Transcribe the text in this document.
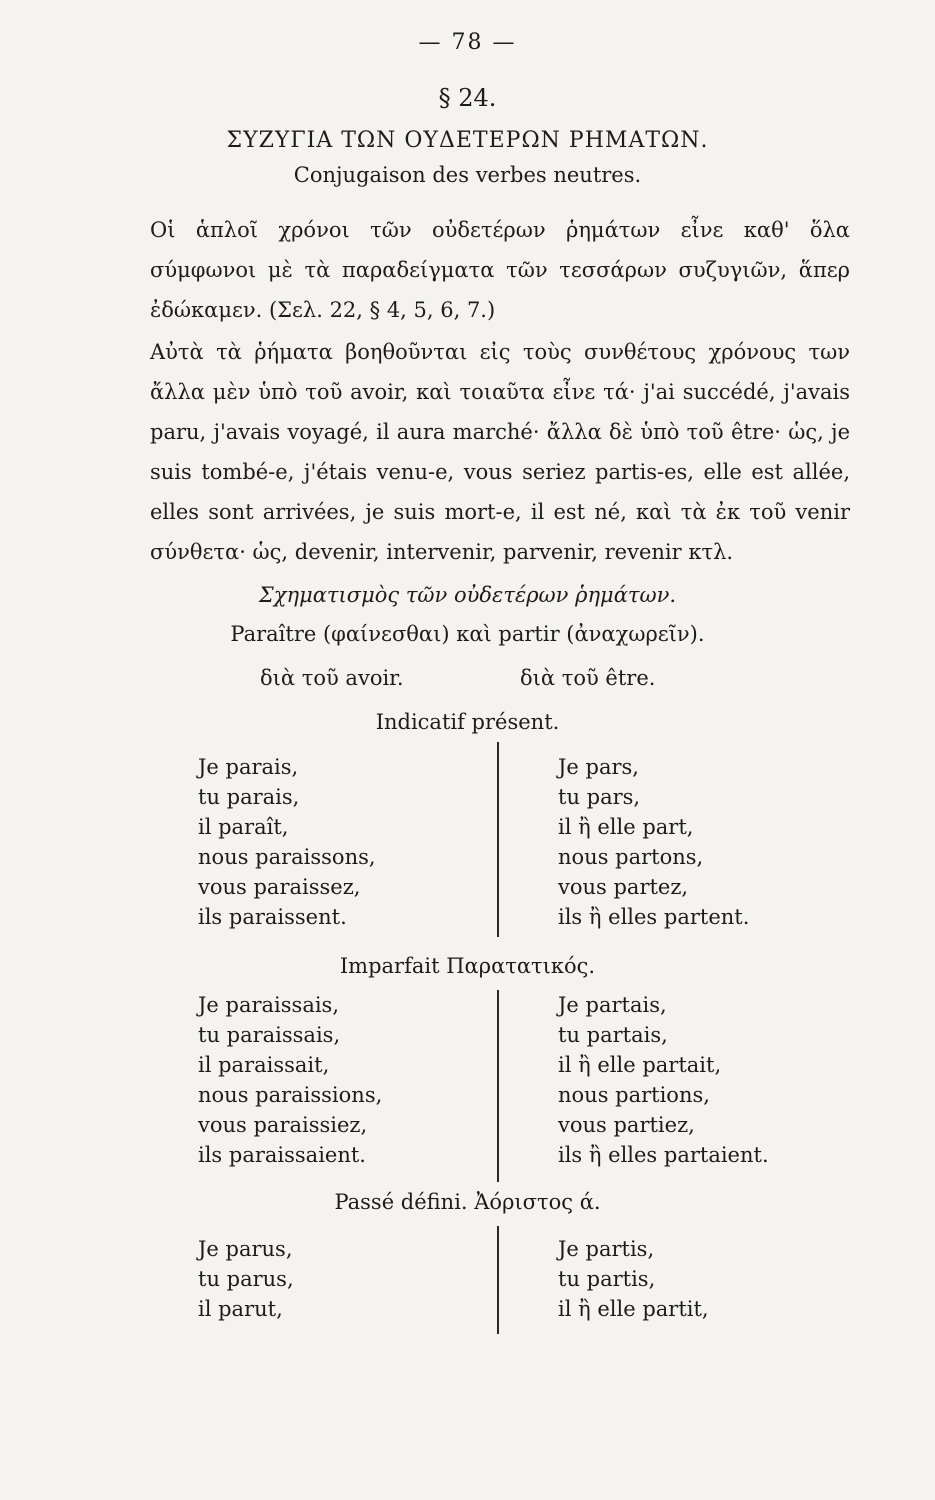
— 78 —
§ 24.
ΣΥΖΥΓΙΑ ΤΩΝ ΟΥΔΕΤΕΡΩΝ ΡΗΜΑΤΩΝ.
Conjugaison des verbes neutres.
Οἱ ἁπλοῖ χρόνοι τῶν οὐδετέρων ῥημάτων εἶνε καθ' ὅλα σύμφωνοι μὲ τὰ παραδείγματα τῶν τεσσάρων συζυγιῶν, ἅπερ ἐδώκαμεν. (Σελ. 22, § 4, 5, 6, 7.)
Αὐτὰ τὰ ῥήματα βοηθοῦνται εἰς τοὺς συνθέτους χρόνους των ἄλλα μὲν ὑπὸ τοῦ avoir, καὶ τοιαῦτα εἶνε τά· j'ai succédé, j'avais paru, j'avais voyagé, il aura marché· ἄλλα δὲ ὑπὸ τοῦ être· ὡς, je suis tombé-e, j'étais venu-e, vous seriez partis-es, elle est allée, elles sont arrivées, je suis mort-e, il est né, καὶ τὰ ἐκ τοῦ venir σύνθετα· ὡς, devenir, intervenir, parvenir, revenir κτλ.
Σχηματισμὸς τῶν οὐδετέρων ῥημάτων.
Paraître (φαίνεσθαι) καὶ partir (ἀναχωρεῖν).
διὰ τοῦ avoir.	διὰ τοῦ être.
Indicatif présent.
Je parais,
tu parais,
il paraît,
nous paraissons,
vous paraissez,
ils paraissent.
Je pars,
tu pars,
il ἢ elle part,
nous partons,
vous partez,
ils ἢ elles partent.
Imparfait Παρατατικός.
Je paraissais,
tu paraissais,
il paraissait,
nous paraissions,
vous paraissiez,
ils paraissaient.
Je partais,
tu partais,
il ἢ elle partait,
nous partions,
vous partiez,
ils ἢ elles partaient.
Passé défini. Ἀόριστος ά.
Je parus,
tu parus,
il parut,
Je partis,
tu partis,
il ἢ elle partit,
